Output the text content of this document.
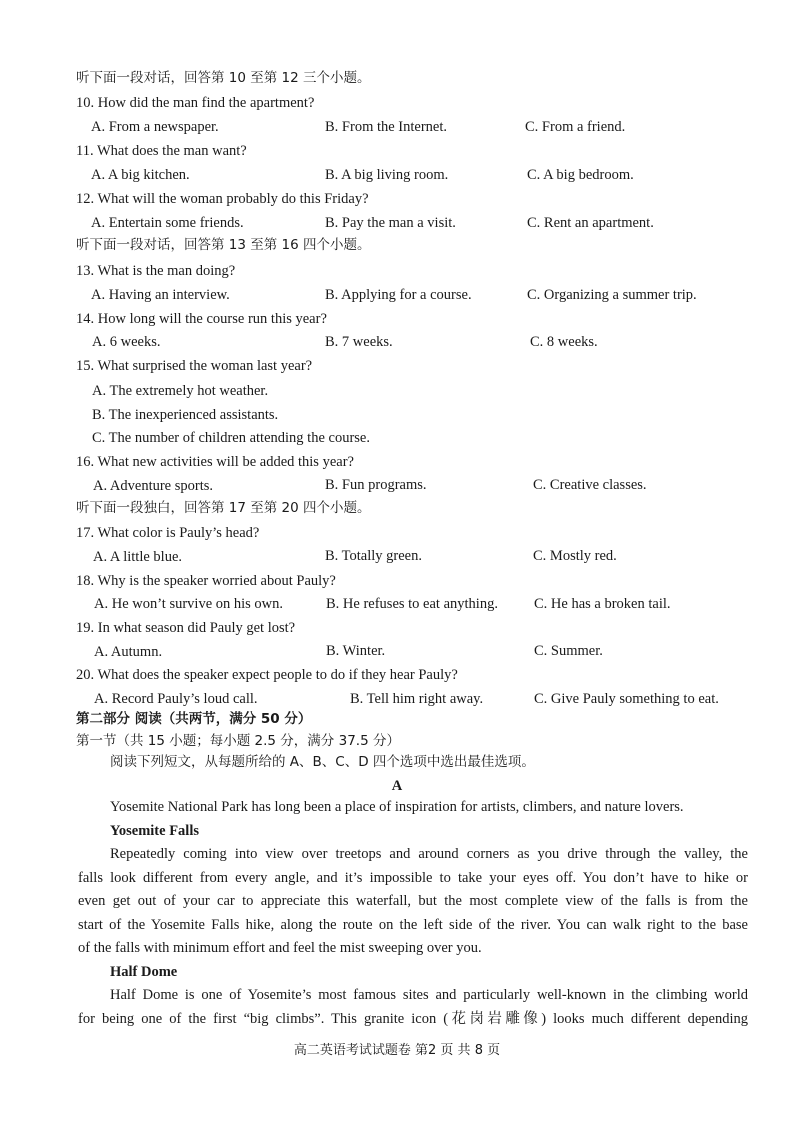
听下面一段对话，回答第 10 至第 12 三个小题。
10. How did the man find the apartment?
A. From a newspaper.	B. From the Internet.	C. From a friend.
11. What does the man want?
A. A big kitchen.	B. A big living room.	C. A big bedroom.
12. What will the woman probably do this Friday?
A. Entertain some friends.	B. Pay the man a visit.	C. Rent an apartment.
听下面一段对话，回答第 13 至第 16 四个小题。
13. What is the man doing?
A. Having an interview.	B. Applying for a course.	C. Organizing a summer trip.
14. How long will the course run this year?
A. 6 weeks.	B. 7 weeks.	C. 8 weeks.
15. What surprised the woman last year?
A. The extremely hot weather.
B. The inexperienced assistants.
C. The number of children attending the course.
16. What new activities will be added this year?
A. Adventure sports.	B. Fun programs.	C. Creative classes.
听下面一段独白，回答第 17 至第 20 四个小题。
17. What color is Pauly’s head?
A. A little blue.	B. Totally green.	C. Mostly red.
18. Why is the speaker worried about Pauly?
A. He won’t survive on his own.	B. He refuses to eat anything. C. He has a broken tail.
19. In what season did Pauly get lost?
A. Autumn.	B. Winter.	C. Summer.
20. What does the speaker expect people to do if they hear Pauly?
A. Record Pauly’s loud call.	B. Tell him right away.	C. Give Pauly something to eat.
第二部分 阅读（共两节，满分 50 分）
第一节（共 15 小题；每小题 2.5 分，满分 37.5 分）
阅读下列短文，从每题所给的 A、B、C、D 四个选项中选出最佳选项。
A

Yosemite National Park has long been a place of inspiration for artists, climbers, and nature lovers.

Yosemite Falls

Repeatedly coming into view over treetops and around corners as you drive through the valley, the

falls look different from every angle, and it’s impossible to take your eyes off. You don’t have to hike or

even get out of your car to appreciate this waterfall, but the most complete view of the falls is from the

start of the Yosemite Falls hike, along the route on the left side of the river. You can walk right to the base

of the falls with minimum effort and feel the mist sweeping over you.

Half Dome

Half Dome is one of Yosemite’s most famous sites and particularly well-known in the climbing world

for being one of the first “big climbs”. This granite icon (花岗岩雕像) looks much different depending

高二英语考试试题卷 第2 页 共 8 页
